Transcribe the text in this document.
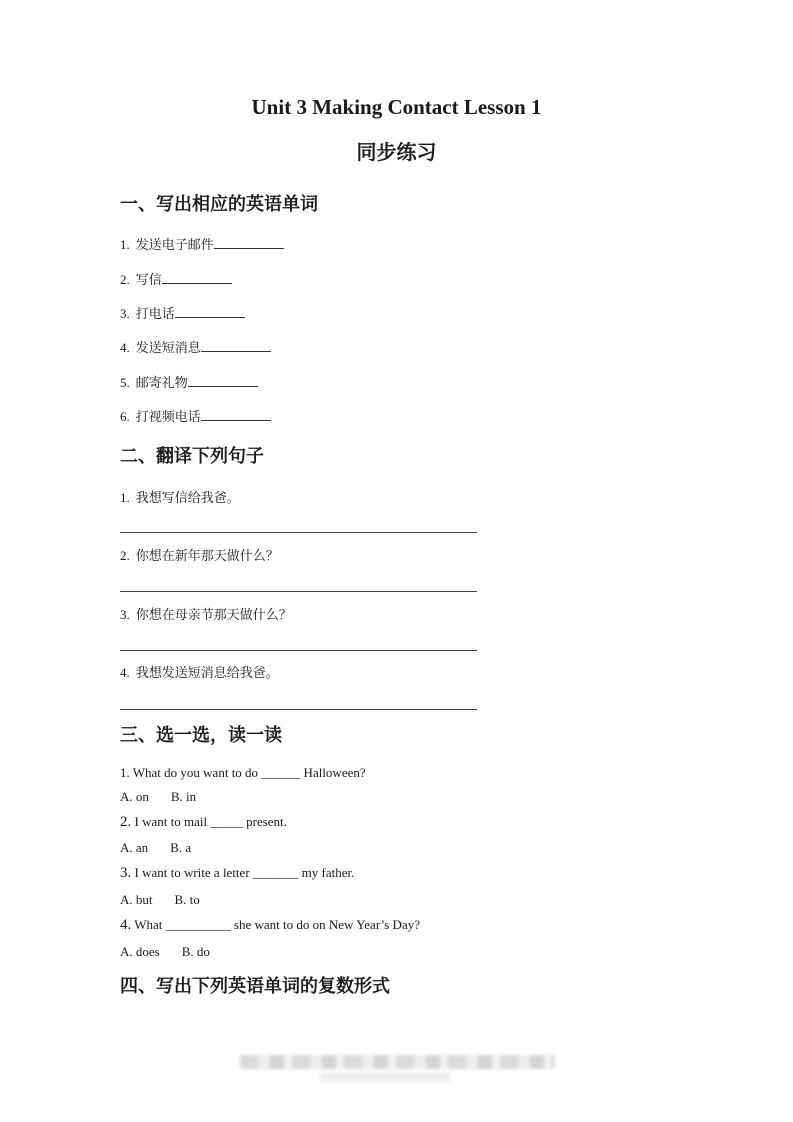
Unit 3 Making Contact Lesson 1
同步练习
一、写出相应的英语单词
1. 发送电子邮件
2. 写信
3. 打电话
4. 发送短消息
5. 邮寄礼物
6. 打视频电话
二、翻译下列句子
1. 我想写信给我爸。
2. 你想在新年那天做什么？
3. 你想在母亲节那天做什么？
4. 我想发送短消息给我爸。
三、选一选，读一读
1. What do you want to do ______ Halloween?
A. on B. in
2. I want to mail _____ present.
A. an B. a
3. I want to write a letter _______ my father.
A. but B. to
4. What __________ she want to do on New Year’s Day?
A. does B. do
四、写出下列英语单词的复数形式
